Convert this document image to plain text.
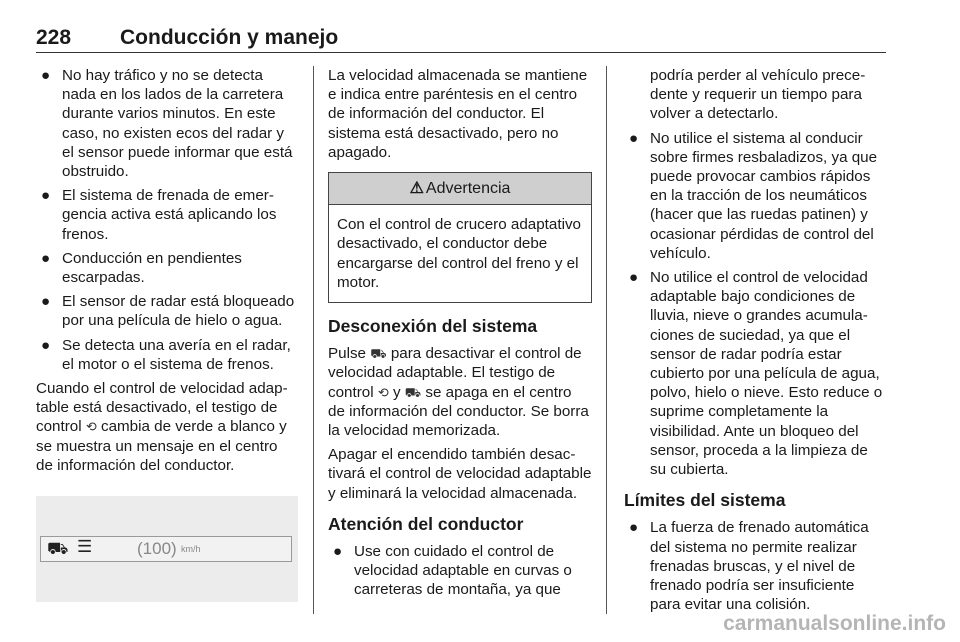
228 Conducción y manejo
● No hay tráfico y no se detecta nada en los lados de la carretera durante varios minutos. En este caso, no existen ecos del radar y el sensor puede informar que está obstruido.
● El sistema de frenada de emergencia activa está aplicando los frenos.
● Conducción en pendientes escarpadas.
● El sensor de radar está bloqueado por una película de hielo o agua.
● Se detecta una avería en el radar, el motor o el sistema de frenos.

Cuando el control de velocidad adaptable está desactivado, el testigo de control ⟲ cambia de verde a blanco y se muestra un mensaje en el centro de información del conductor.

⛟ ☰	(100) km/h

La velocidad almacenada se mantiene e indica entre paréntesis en el centro de información del conductor. El sistema está desactivado, pero no apagado.

⚠ Advertencia
Con el control de crucero adaptativo desactivado, el conductor debe encargarse del control del freno y el motor.
Desconexión del sistema

Pulse ⛟ para desactivar el control de velocidad adaptable. El testigo de control ⟲ y ⛟ se apaga en el centro de información del conductor. Se borra la velocidad memorizada.

Apagar el encendido también desactivará el control de velocidad adaptable y eliminará la velocidad almacenada.

Atención del conductor
● Use con cuidado el control de velocidad adaptable en curvas o carreteras de montaña, ya que

podría perder al vehículo precedente y requerir un tiempo para volver a detectarlo.

● No utilice el sistema al conducir sobre firmes resbaladizos, ya que puede provocar cambios rápidos en la tracción de los neumáticos (hacer que las ruedas patinen) y ocasionar pérdidas de control del vehículo.
● No utilice el control de velocidad adaptable bajo condiciones de lluvia, nieve o grandes acumulaciones de suciedad, ya que el sensor de radar podría estar cubierto por una película de agua, polvo, hielo o nieve. Esto reduce o suprime completamente la visibilidad. Ante un bloqueo del sensor, proceda a la limpieza de su cubierta.
Límites del sistema
● La fuerza de frenado automática del sistema no permite realizar frenadas bruscas, y el nivel de frenado podría ser insuficiente para evitar una colisión.
carmanualsonline.info
